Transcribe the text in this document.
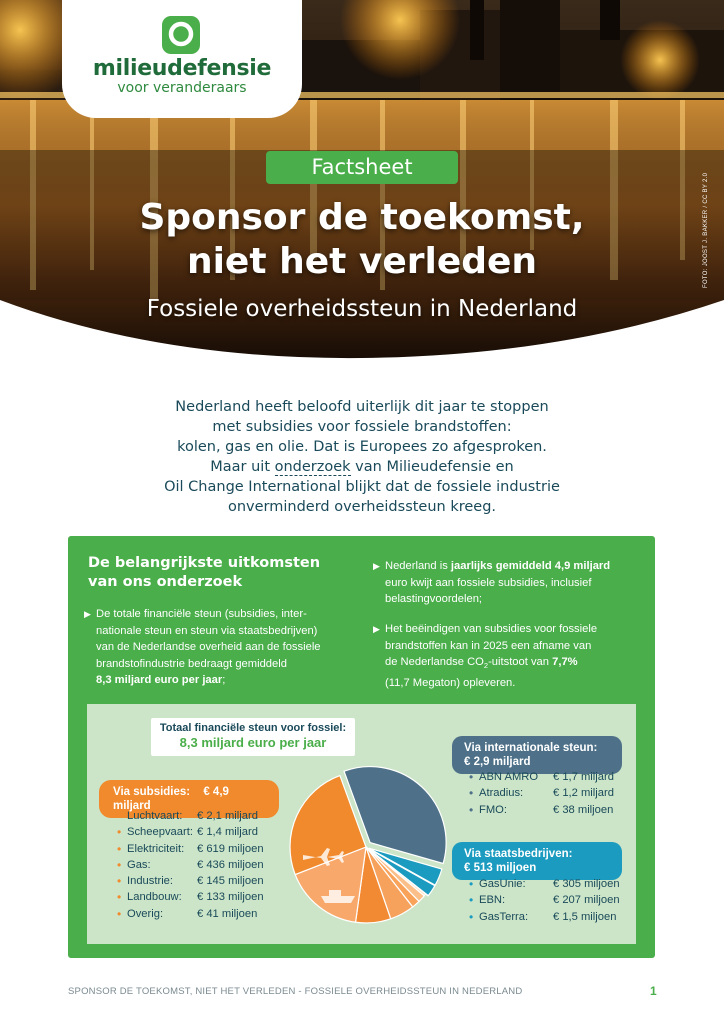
milieudefensie
voor veranderaars
Factsheet
Sponsor de toekomst,
niet het verleden
Fossiele overheidssteun in Nederland
FOTO: JOOST J. BAKKER / CC BY 2.0
Nederland heeft beloofd uiterlijk dit jaar te stoppen
met subsidies voor fossiele brandstoffen:
kolen, gas en olie. Dat is Europees zo afgesproken.
Maar uit onderzoek van Milieudefensie en
Oil Change International blijkt dat de fossiele industrie
onverminderd overheidssteun kreeg.
De belangrijkste uitkomsten
van ons onderzoek
▶ De totale financiële steun (subsidies, inter-
nationale steun en steun via staatsbedrijven)
van de Nederlandse overheid aan de fossiele
brandstofindustrie bedraagt gemiddeld
8,3 miljard euro per jaar;
▶ Nederland is jaarlijks gemiddeld 4,9 miljard
euro kwijt aan fossiele subsidies, inclusief
belastingvoordelen;
▶ Het beëindigen van subsidies voor fossiele
brandstoffen kan in 2025 een afname van
de Nederlandse $CO_2$-uitstoot van 7,7%
(11,7 Megaton) opleveren.
Totaal financiële steun voor fossiel:
8,3 miljard euro per jaar
Via subsidies: € 4,9 miljard
• Luchtvaart: € 2,1 miljard
• Scheepvaart: € 1,4 miljard
• Elektriciteit: € 619 miljoen
• Gas:	€ 436 miljoen
• Industrie: € 145 miljoen
• Landbouw: € 133 miljoen
• Overig:	€ 41 miljoen
Via internationale steun:
€ 2,9 miljard
• ABN AMRO € 1,7 miljard
• Atradius:	€ 1,2 miljard
• FMO:	€ 38 miljoen
Via staatsbedrijven:
€ 513 miljoen
• GasUnie: € 305 miljoen
• EBN:	€ 207 miljoen
• GasTerra: € 1,5 miljoen
SPONSOR DE TOEKOMST, NIET HET VERLEDEN - FOSSIELE OVERHEIDSSTEUN IN NEDERLAND	1
